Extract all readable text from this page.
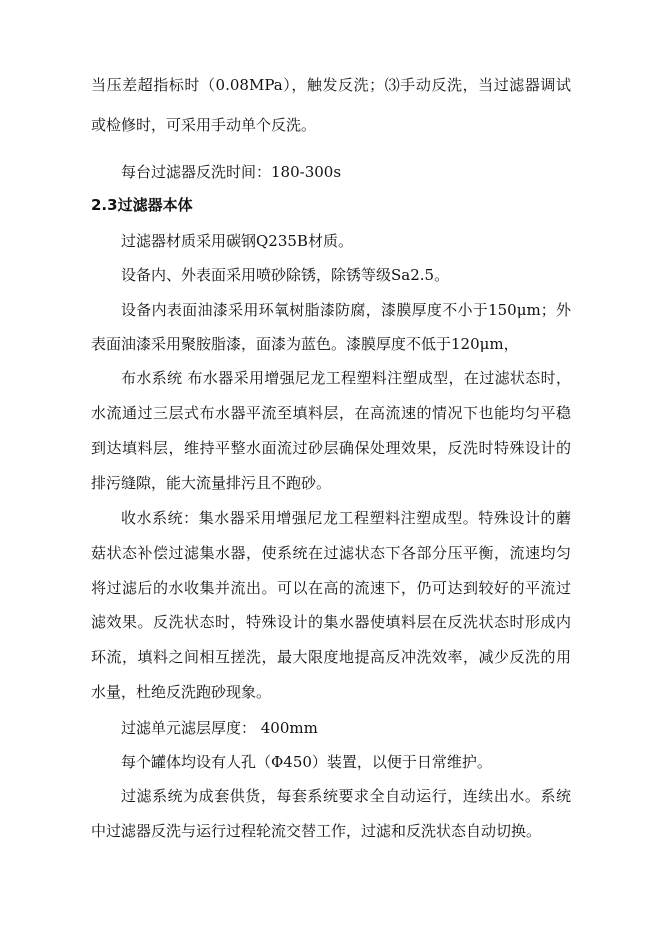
当压差超指标时（0.08MPa），触发反洗；⑶手动反洗，当过滤器调试
或检修时，可采用手动单个反洗。
每台过滤器反洗时间：180-300s
2.3过滤器本体
过滤器材质采用碳钢Q235B材质。
设备内、外表面采用喷砂除锈，除锈等级Sa2.5。
设备内表面油漆采用环氧树脂漆防腐，漆膜厚度不小于150μm；外
表面油漆采用聚胺脂漆，面漆为蓝色。漆膜厚度不低于120μm，
布水系统 布水器采用增强尼龙工程塑料注塑成型，在过滤状态时，
水流通过三层式布水器平流至填料层，在高流速的情况下也能均匀平稳
到达填料层，维持平整水面流过砂层确保处理效果，反洗时特殊设计的
排污缝隙，能大流量排污且不跑砂。
收水系统：集水器采用增强尼龙工程塑料注塑成型。特殊设计的蘑
菇状态补偿过滤集水器，使系统在过滤状态下各部分压平衡，流速均匀
将过滤后的水收集并流出。可以在高的流速下，仍可达到较好的平流过
滤效果。反洗状态时，特殊设计的集水器使填料层在反洗状态时形成内
环流，填料之间相互搓洗，最大限度地提高反冲洗效率，减少反洗的用
水量，杜绝反洗跑砂现象。
过滤单元滤层厚度： 400mm
每个罐体均设有人孔（Φ450）装置，以便于日常维护。
过滤系统为成套供货，每套系统要求全自动运行，连续出水。系统
中过滤器反洗与运行过程轮流交替工作，过滤和反洗状态自动切换。
